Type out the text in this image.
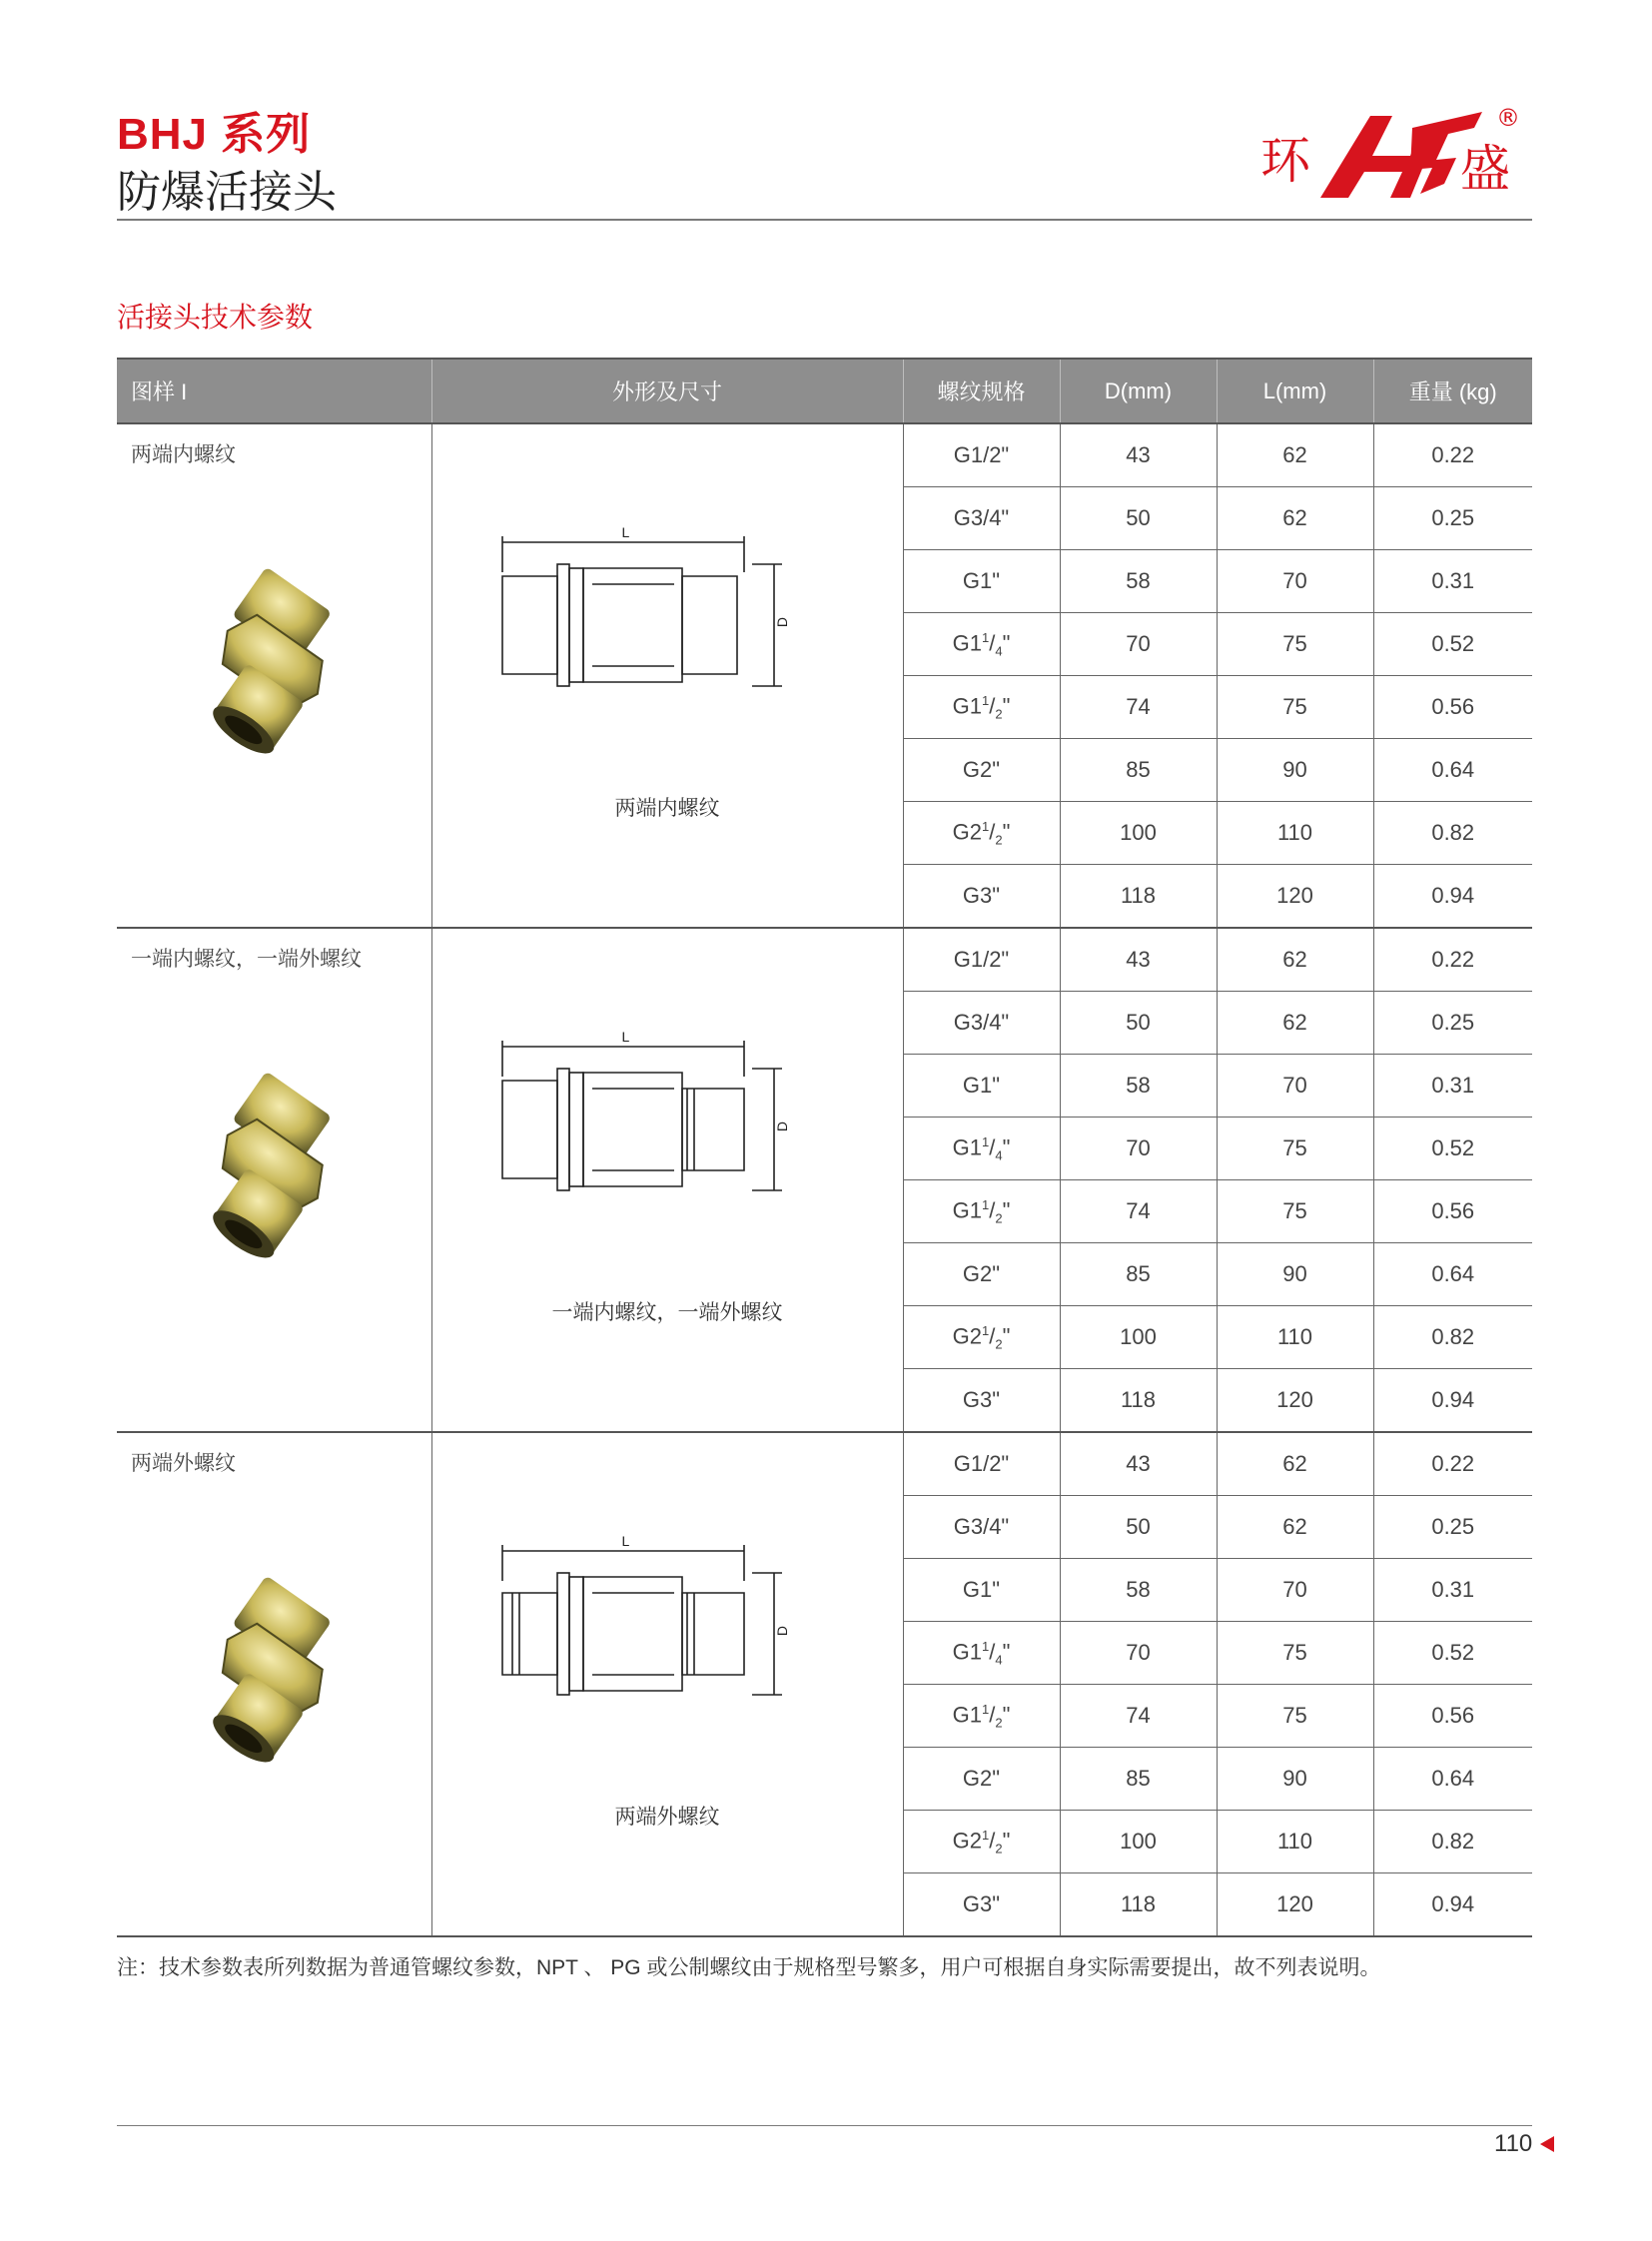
BHJ 系列
防爆活接头
环	盛
®
活接头技术参数
图样 I	外形及尺寸	螺纹规格	D(mm)	L(mm)	重量 (kg)

两端内螺纹	L
D
两端内螺纹	G1/2"	43	62	0.22
		G3/4"	50	62	0.25
		G1"	58	70	0.31
		$G1^1/_4$"	70	75	0.52
		$G1^1/_2$"	74	75	0.56
		G2"	85	90	0.64
		$G2^1/_2$"	100	110	0.82
		G3"	118	120	0.94

一端内螺纹，一端外螺纹	L
D
一端内螺纹，一端外螺纹	G1/2"	43	62	0.22
		G3/4"	50	62	0.25
		G1"	58	70	0.31
		$G1^1/_4$"	70	75	0.52
		$G1^1/_2$"	74	75	0.56
		G2"	85	90	0.64
		$G2^1/_2$"	100	110	0.82
		G3"	118	120	0.94

两端外螺纹	L
D
两端外螺纹	G1/2"	43	62	0.22
		G3/4"	50	62	0.25
		G1"	58	70	0.31
		$G1^1/_4$"	70	75	0.52
		$G1^1/_2$"	74	75	0.56
		G2"	85	90	0.64
		$G2^1/_2$"	100	110	0.82
		G3"	118	120	0.94
注：技术参数表所列数据为普通管螺纹参数，NPT 、 PG 或公制螺纹由于规格型号繁多，用户可根据自身实际需要提出，故不列表说明。
110
